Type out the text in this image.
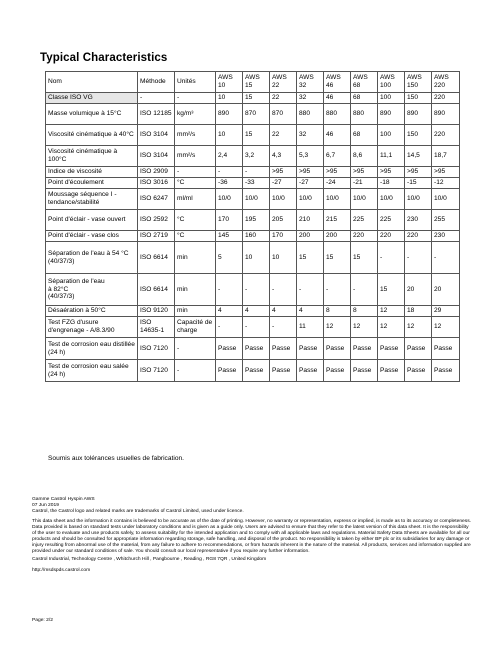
Typical Characteristics
Nom	Méthode	Unités	AWS 10	AWS 15	AWS 22	AWS 32	AWS 46	AWS 68	AWS 100	AWS 150	AWS 220
Classe ISO VG	-	-	10	15	22	32	46	68	100	150	220
Masse volumique à 15°C	ISO 12185	kg/m³	890	870	870	880	880	880	890	890	890
Viscosité cinématique à 40°C	ISO 3104	mm²/s	10	15	22	32	46	68	100	150	220
Viscosité cinématique à 100°C	ISO 3104	mm²/s	2,4	3,2	4,3	5,3	6,7	8,6	11,1	14,5	18,7
Indice de viscosité	ISO 2909	-	-	-	>95	>95	>95	>95	>95	>95	>95
Point d'écoulement	ISO 3016	°C	-36	-33	-27	-27	-24	-21	-18	-15	-12
Moussage séquence I - tendance/stabilité	ISO 6247	ml/ml	10/0	10/0	10/0	10/0	10/0	10/0	10/0	10/0	10/0
Point d'éclair - vase ouvert	ISO 2592	°C	170	195	205	210	215	225	225	230	255
Point d'éclair - vase clos	ISO 2719	°C	145	160	170	200	200	220	220	220	230
Séparation de l'eau à 54 °C
(40/37/3)	ISO 6614	min	5	10	10	15	15	15	-	-	-
Séparation de l'eau
à 82°C
(40/37/3)	ISO 6614	min	-	-	-	-	-	-	15	20	20
Désaération à 50°C	ISO 9120	min	4	4	4	4	8	8	12	18	29
Test FZG d'usure d'engrenage - A/8.3/90	ISO 14635-1	Capacité de charge	-	-	-	11	12	12	12	12	12
Test de corrosion eau distillée (24 h)	ISO 7120	-	Passe	Passe	Passe	Passe	Passe	Passe	Passe	Passe	Passe
Test de corrosion eau salée (24 h)	ISO 7120	-	Passe	Passe	Passe	Passe	Passe	Passe	Passe	Passe	Passe
Soumis aux tolérances usuelles de fabrication.
Gamme Castrol Hyspin AWS
07 Jun 2019
Castrol, the Castrol logo and related marks are trademarks of Castrol Limited, used under licence.
This data sheet and the information it contains is believed to be accurate as of the date of printing. However, no warranty or representation, express or implied, is made as to its accuracy or completeness. Data provided is based on standard tests under laboratory conditions and is given as a guide only. Users are advised to ensure that they refer to the latest version of this data sheet. It is the responsibility of the user to evaluate and use products safely, to assess suitability for the intended application and to comply with all applicable laws and regulations. Material Safety Data Sheets are available for all our products and should be consulted for appropriate information regarding storage, safe handling, and disposal of the product. No responsibility is taken by either BP plc or its subsidiaries for any damage or injury resulting from abnormal use of the material, from any failure to adhere to recommendations, or from hazards inherent in the nature of the material. All products, services and information supplied are provided under our standard conditions of sale. You should consult our local representative if you require any further information.
Castrol Industrial, Technology Centre , Whitchurch Hill , Pangbourne , Reading , RG8 7QR , United Kingdom
http://msdspds.castrol.com
Page: 2/2
